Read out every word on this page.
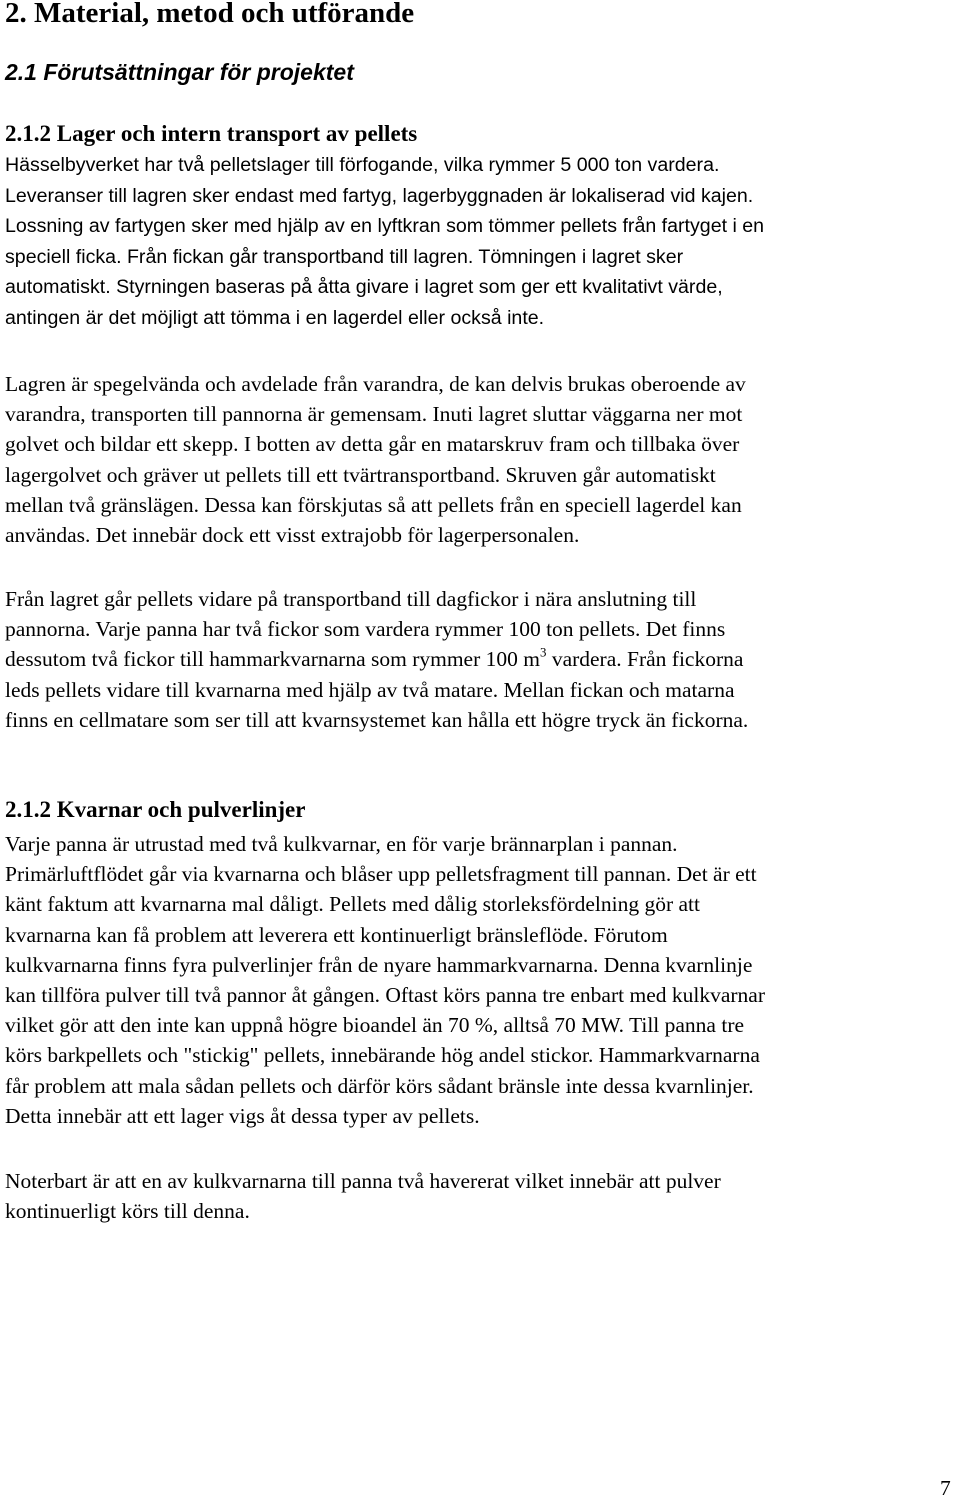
2. Material, metod och utförande
2.1 Förutsättningar för projektet
2.1.2 Lager och intern transport av pellets
Hässelbyverket har två pelletslager till förfogande, vilka rymmer 5 000 ton vardera.
Leveranser till lagren sker endast med fartyg, lagerbyggnaden är lokaliserad vid kajen.
Lossning av fartygen sker med hjälp av en lyftkran som tömmer pellets från fartyget i en
speciell ficka. Från fickan går transportband till lagren. Tömningen i lagret sker
automatiskt. Styrningen baseras på åtta givare i lagret som ger ett kvalitativt värde,
antingen är det möjligt att tömma i en lagerdel eller också inte.
Lagren är spegelvända och avdelade från varandra, de kan delvis brukas oberoende av
varandra, transporten till pannorna är gemensam. Inuti lagret sluttar väggarna ner mot
golvet och bildar ett skepp. I botten av detta går en matarskruv fram och tillbaka över
lagergolvet och gräver ut pellets till ett tvärtransportband. Skruven går automatiskt
mellan två gränslägen. Dessa kan förskjutas så att pellets från en speciell lagerdel kan
användas. Det innebär dock ett visst extrajobb för lagerpersonalen.
Från lagret går pellets vidare på transportband till dagfickor i nära anslutning till
pannorna. Varje panna har två fickor som vardera rymmer 100 ton pellets. Det finns
dessutom två fickor till hammarkvarnarna som rymmer 100 $m^3$ vardera. Från fickorna
leds pellets vidare till kvarnarna med hjälp av två matare. Mellan fickan och matarna
finns en cellmatare som ser till att kvarnsystemet kan hålla ett högre tryck än fickorna.
2.1.2 Kvarnar och pulverlinjer
Varje panna är utrustad med två kulkvarnar, en för varje brännarplan i pannan.
Primärluftflödet går via kvarnarna och blåser upp pelletsfragment till pannan. Det är ett
känt faktum att kvarnarna mal dåligt. Pellets med dålig storleksfördelning gör att
kvarnarna kan få problem att leverera ett kontinuerligt bränsleflöde. Förutom
kulkvarnarna finns fyra pulverlinjer från de nyare hammarkvarnarna. Denna kvarnlinje
kan tillföra pulver till två pannor åt gången. Oftast körs panna tre enbart med kulkvarnar
vilket gör att den inte kan uppnå högre bioandel än 70 %, alltså 70 MW. Till panna tre
körs barkpellets och "stickig" pellets, innebärande hög andel stickor. Hammarkvarnarna
får problem att mala sådan pellets och därför körs sådant bränsle inte dessa kvarnlinjer.
Detta innebär att ett lager vigs åt dessa typer av pellets.
Noterbart är att en av kulkvarnarna till panna två havererat vilket innebär att pulver
kontinuerligt körs till denna.
7
